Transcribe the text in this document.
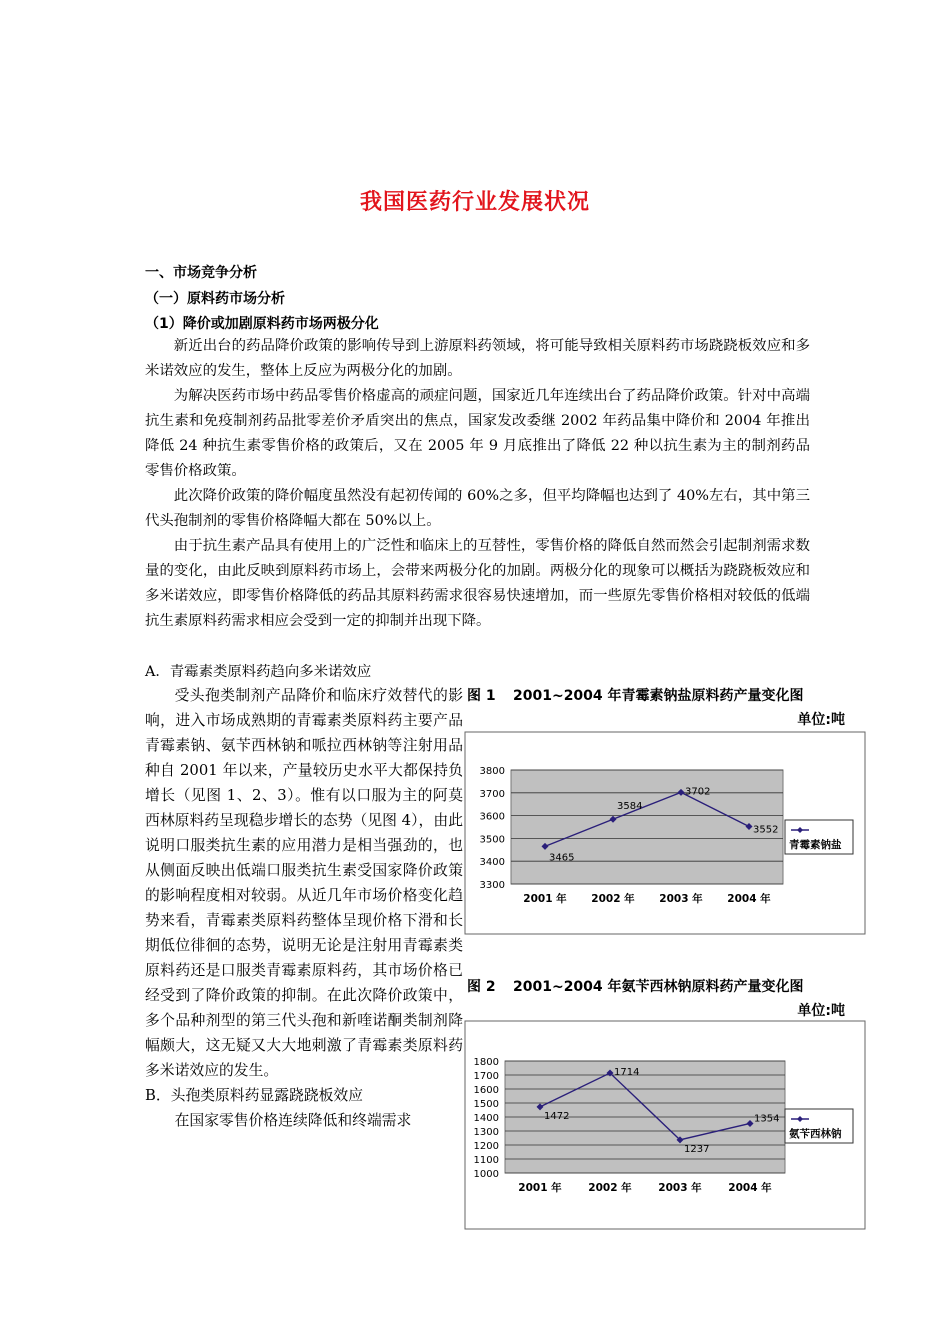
我国医药行业发展状况
一、市场竞争分析
（一）原料药市场分析
（1）降价或加剧原料药市场两极分化
新近出台的药品降价政策的影响传导到上游原料药领域，将可能导致相关原料药市场跷跷板效应和多米诺效应的发生，整体上反应为两极分化的加剧。
为解决医药市场中药品零售价格虚高的顽症问题，国家近几年连续出台了药品降价政策。针对中高端抗生素和免疫制剂药品批零差价矛盾突出的焦点，国家发改委继 2002 年药品集中降价和 2004 年推出降低 24 种抗生素零售价格的政策后，又在 2005 年 9 月底推出了降低 22 种以抗生素为主的制剂药品零售价格政策。
此次降价政策的降价幅度虽然没有起初传闻的 60%之多，但平均降幅也达到了 40%左右，其中第三代头孢制剂的零售价格降幅大都在 50%以上。
由于抗生素产品具有使用上的广泛性和临床上的互替性，零售价格的降低自然而然会引起制剂需求数量的变化，由此反映到原料药市场上，会带来两极分化的加剧。两极分化的现象可以概括为跷跷板效应和多米诺效应，即零售价格降低的药品其原料药需求很容易快速增加，而一些原先零售价格相对较低的低端抗生素原料药需求相应会受到一定的抑制并出现下降。
A．青霉素类原料药趋向多米诺效应

受头孢类制剂产品降价和临床疗效替代的影响，进入市场成熟期的青霉素类原料药主要产品青霉素钠、氨苄西林钠和哌拉西林钠等注射用品种自 2001 年以来，产量较历史水平大都保持负增长（见图 1、2、3）。惟有以口服为主的阿莫西林原料药呈现稳步增长的态势（见图 4），由此说明口服类抗生素的应用潜力是相当强劲的，也从侧面反映出低端口服类抗生素受国家降价政策的影响程度相对较弱。从近几年市场价格变化趋势来看，青霉素类原料药整体呈现价格下滑和长期低位徘徊的态势，说明无论是注射用青霉素类原料药还是口服类青霉素原料药，其市场价格已经受到了降价政策的抑制。在此次降价政策中，多个品种剂型的第三代头孢和新喹诺酮类制剂降幅颇大，这无疑又大大地刺激了青霉素类原料药多米诺效应的发生。

B．头孢类原料药显露跷跷板效应

在国家零售价格连续降低和终端需求

图 1 2001~2004 年青霉素钠盐原料药产量变化图
单位:吨
3300
3400
3500
3600
3700
3800
2001 年 2002 年 2003 年 2004 年
3465
3584
3702
3552
青霉素钠盐
图 2 2001~2004 年氨苄西林钠原料药产量变化图
单位:吨
1000
1100
1200
1300
1400
1500
1600
1700
1800
2001 年	2002 年	2003 年	2004 年
1472
1714
1237
1354
氨苄西林钠
